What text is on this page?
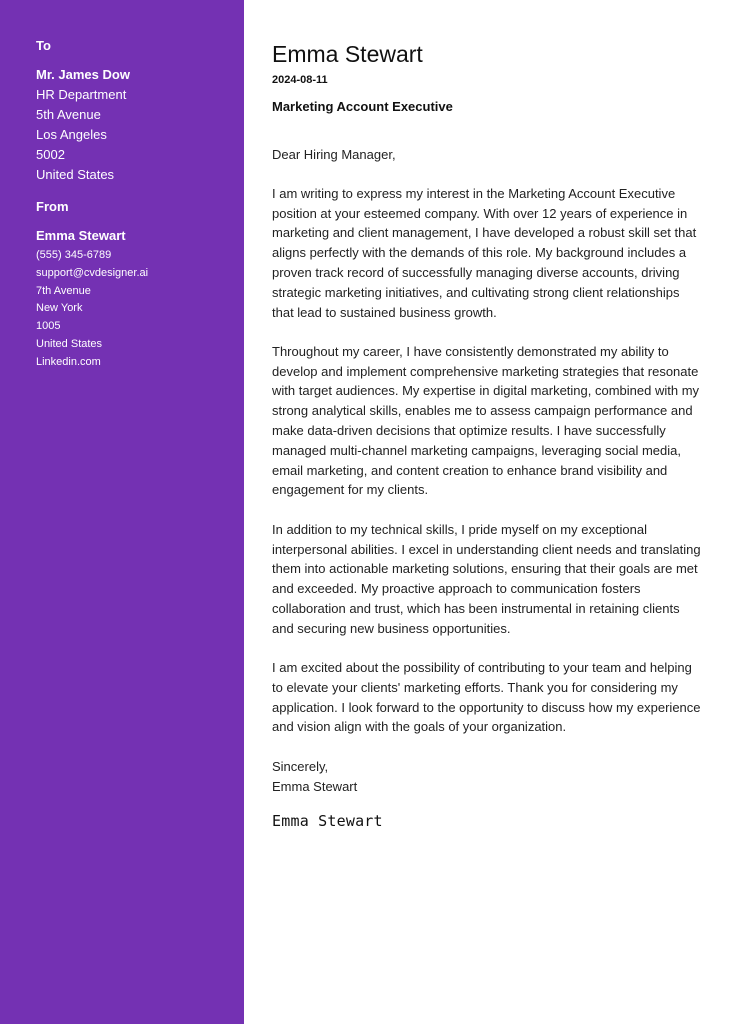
To
Mr. James Dow
HR Department
5th Avenue
Los Angeles
5002
United States
From
Emma Stewart
(555) 345-6789
support@cvdesigner.ai
7th Avenue
New York
1005
United States
Linkedin.com
Emma Stewart
2024-08-11
Marketing Account Executive

Dear Hiring Manager,

I am writing to express my interest in the Marketing Account Executive position at your esteemed company. With over 12 years of experience in marketing and client management, I have developed a robust skill set that aligns perfectly with the demands of this role. My background includes a proven track record of successfully managing diverse accounts, driving strategic marketing initiatives, and cultivating strong client relationships that lead to sustained business growth.

Throughout my career, I have consistently demonstrated my ability to develop and implement comprehensive marketing strategies that resonate with target audiences. My expertise in digital marketing, combined with my strong analytical skills, enables me to assess campaign performance and make data-driven decisions that optimize results. I have successfully managed multi-channel marketing campaigns, leveraging social media, email marketing, and content creation to enhance brand visibility and engagement for my clients.

In addition to my technical skills, I pride myself on my exceptional interpersonal abilities. I excel in understanding client needs and translating them into actionable marketing solutions, ensuring that their goals are met and exceeded. My proactive approach to communication fosters collaboration and trust, which has been instrumental in retaining clients and securing new business opportunities.

I am excited about the possibility of contributing to your team and helping to elevate your clients' marketing efforts. Thank you for considering my application. I look forward to the opportunity to discuss how my experience and vision align with the goals of your organization.

Sincerely,

Emma Stewart

Emma Stewart
